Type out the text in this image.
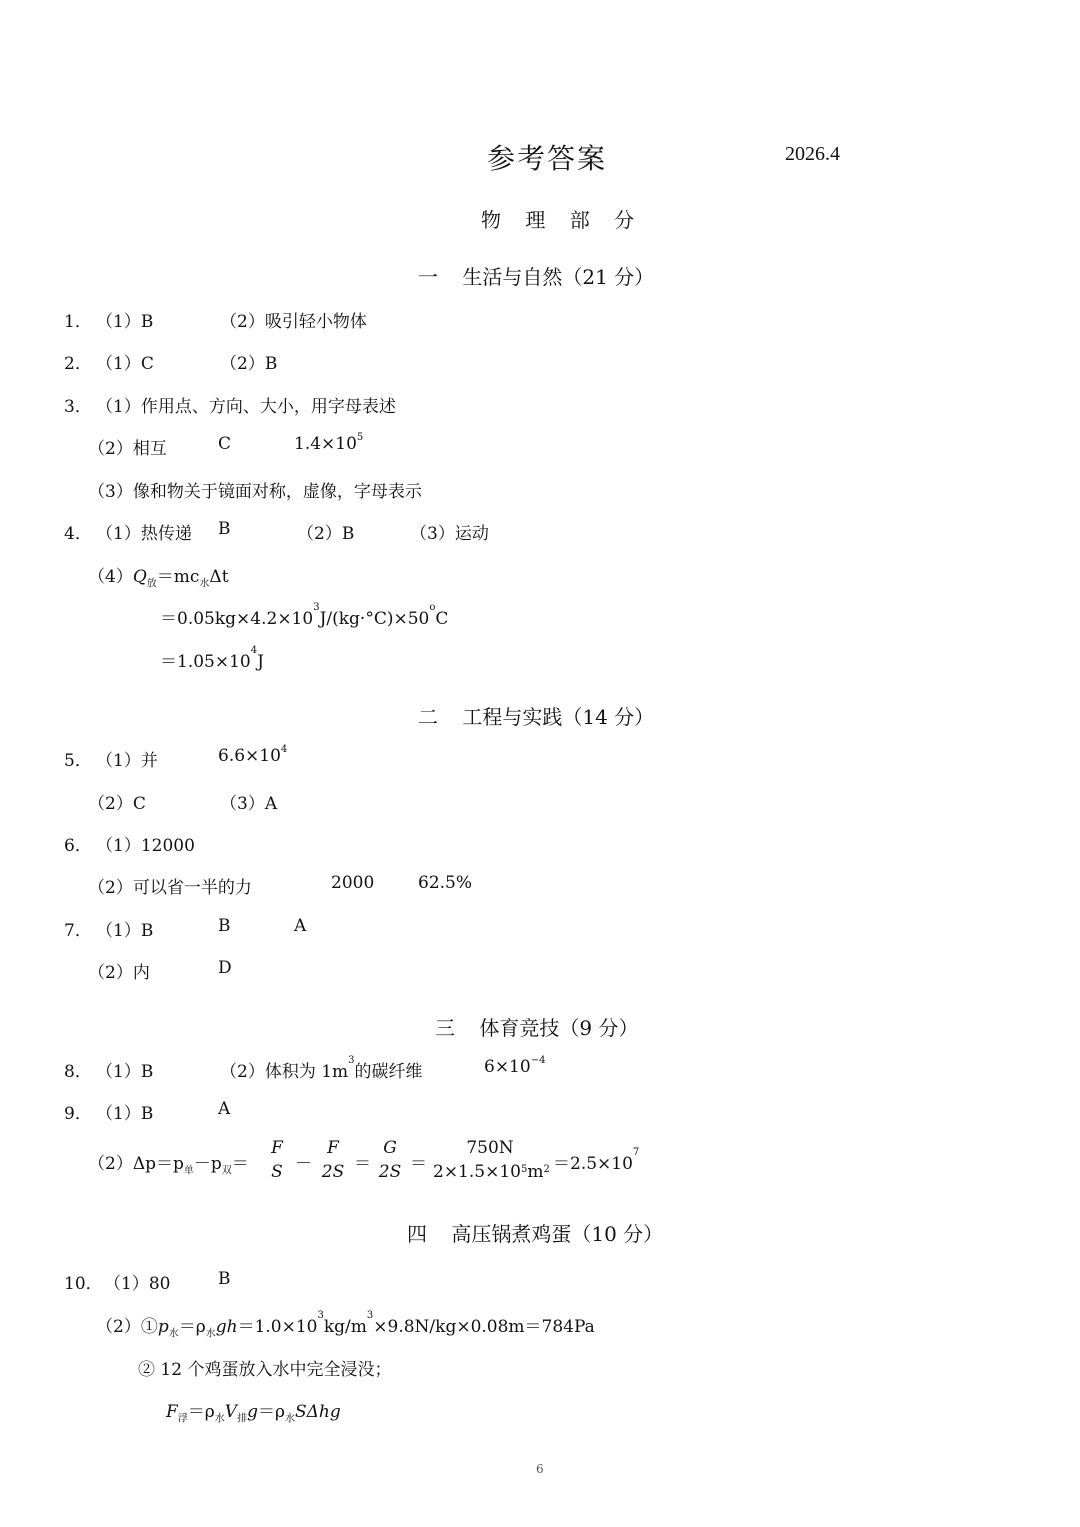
参考答案	2026.4
物 理 部 分
一 生活与自然（21 分）
1． （1）B	（2）吸引轻小物体
2． （1）C	（2）B
3． （1）作用点、方向、大小，用字母表述
（2）相互	C	$1.4\times 10^5$
（3）像和物关于镜面对称，虚像，字母表示
4． （1）热传递 B	（2）B	（3）运动
$(4)Q_放=mc_水\Delta t$
$=0.05kg\times 4.2\times 10^3J/(kg\cdot^\circ C)\times 50^oC$
$=1.05\times 10^4J$
二 工程与实践（14 分）
5． （1）并	$6.6\times 10^4$
（2）C	（3）A
6． （1）12000
（2）可以省一半的力	2000	62.5%
7． （1）B	B	A
（2）内	D
三 体育竞技（9 分）
8． （1）B	（2）体积为 $1m^3$的碳纤维	$6\times 10^{-4}$
9． （1）B	A
$(2)\Delta p=p_单-p_双=$
F
S －
F
2S ＝
G
2S ＝
750N
$2\times 1.5\times 10^5m^2 =2.5\times 10^7$
四 高压锅煮鸡蛋（10 分）
10． （1）80	B
$(2)①p_水=\rho_水gh=1.0\times 10^3kg/m^3\times 9.8N/kg\times 0.08m=784Pa$
② 12 个鸡蛋放入水中完全浸没；
$F_浮=\rho_水V_排g=\rho_水S\Delta hg$
6
